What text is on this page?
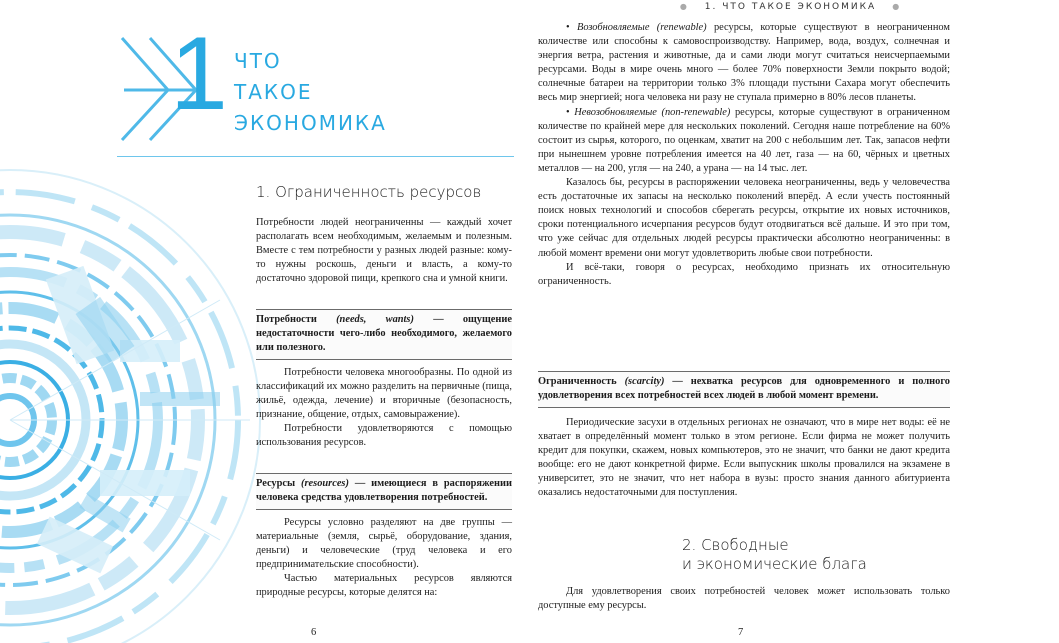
1 ЧТО
ТАКОЕ
ЭКОНОМИКА
1. Ограниченность ресурсов

Потребности людей неограниченны — каждый хочет располагать всем необходимым, желаемым и полезным. Вместе с тем потребности у разных людей разные: кому-то нужны роскошь, деньги и власть, а кому-то достаточно здоровой пищи, крепкого сна и умной книги.

Потребности (needs, wants) — ощущение недостаточности чего-либо необходимого, желаемого или полезного.

Потребности человека многообразны. По одной из классификаций их можно разделить на первичные (пища, жильё, одежда, лечение) и вторичные (безопасность, признание, общение, отдых, самовыражение).

Потребности удовлетворяются с помощью использования ресурсов.

Ресурсы (resources) — имеющиеся в распоряжении человека средства удовлетворения потребностей.

Ресурсы условно разделяют на две группы — материальные (земля, сырьё, оборудование, здания, деньги) и человеческие (труд человека и его предпринимательские способности).

Частью материальных ресурсов являются природные ресурсы, которые делятся на:

6
● 1. ЧТО ТАКОЕ ЭКОНОМИКА ●

• Возобновляемые (renewable) ресурсы, которые существуют в неограниченном количестве или способны к самовоспроизводству. Например, вода, воздух, солнечная и энергия ветра, растения и животные, да и сами люди могут считаться неисчерпаемыми ресурсами. Воды в мире очень много — более 70% поверхности Земли покрыто водой; солнечные батареи на территории только 3% площади пустыни Сахара могут обеспечить весь мир энергией; нога человека ни разу не ступала примерно в 80% лесов планеты.

• Невозобновляемые (non-renewable) ресурсы, которые существуют в ограниченном количестве по крайней мере для нескольких поколений. Сегодня наше потребление на 60% состоит из сырья, которого, по оценкам, хватит на 200 с небольшим лет. Так, запасов нефти при нынешнем уровне потребления имеется на 40 лет, газа — на 60, чёрных и цветных металлов — на 200, угля — на 240, а урана — на 14 тыс. лет.

Казалось бы, ресурсы в распоряжении человека неограниченны, ведь у человечества есть достаточные их запасы на несколько поколений вперёд. А если учесть постоянный поиск новых технологий и способов сберегать ресурсы, открытие их новых источников, сроки потенциального исчерпания ресурсов будут отодвигаться всё дальше. И это при том, что уже сейчас для отдельных людей ресурсы практически абсолютно неограниченны: в любой момент времени они могут удовлетворить любые свои потребности.

И всё-таки, говоря о ресурсах, необходимо признать их относительную ограниченность.

Ограниченность (scarcity) — нехватка ресурсов для одновременного и полного удовлетворения всех потребностей всех людей в любой момент времени.

Периодические засухи в отдельных регионах не означают, что в мире нет воды: её не хватает в определённый момент только в этом регионе. Если фирма не может получить кредит для покупки, скажем, новых компьютеров, это не значит, что банки не дают кредита вообще: его не дают конкретной фирме. Если выпускник школы провалился на экзамене в университет, это не значит, что нет набора в вузы: просто знания данного абитуриента оказались недостаточными для поступления.

2. Свободные
и экономические блага

Для удовлетворения своих потребностей человек может использовать только доступные ему ресурсы.

7
